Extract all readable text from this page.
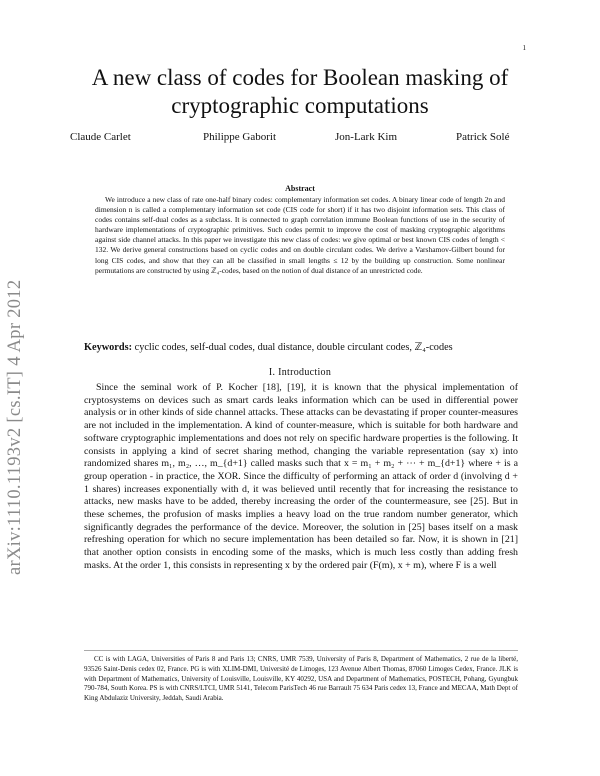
1
arXiv:1110.1193v2 [cs.IT] 4 Apr 2012
A new class of codes for Boolean masking of
cryptographic computations
Claude Carlet	Philippe Gaborit	Jon-Lark Kim	Patrick Solé
Abstract

We introduce a new class of rate one-half binary codes: complementary information set codes. A binary linear code of length 2n and dimension n is called a complementary information set code (CIS code for short) if it has two disjoint information sets. This class of codes contains self-dual codes as a subclass. It is connected to graph correlation immune Boolean functions of use in the security of hardware implementations of cryptographic primitives. Such codes permit to improve the cost of masking cryptographic algorithms against side channel attacks. In this paper we investigate this new class of codes: we give optimal or best known CIS codes of length < 132. We derive general constructions based on cyclic codes and on double circulant codes. We derive a Varshamov-Gilbert bound for long CIS codes, and show that they can all be classified in small lengths ≤ 12 by the building up construction. Some nonlinear permutations are constructed by using ℤ₄-codes, based on the notion of dual distance of an unrestricted code.

Keywords: cyclic codes, self-dual codes, dual distance, double circulant codes, ℤ₄-codes
I. Introduction

Since the seminal work of P. Kocher [18], [19], it is known that the physical implementation of cryptosystems on devices such as smart cards leaks information which can be used in differential power analysis or in other kinds of side channel attacks. These attacks can be devastating if proper counter-measures are not included in the implementation. A kind of counter-measure, which is suitable for both hardware and software cryptographic implementations and does not rely on specific hardware properties is the following. It consists in applying a kind of secret sharing method, changing the variable representation (say x) into randomized shares m₁, m₂, …, m_{d+1} called masks such that x = m₁ + m₂ + ⋯ + m_{d+1} where + is a group operation - in practice, the XOR. Since the difficulty of performing an attack of order d (involving d + 1 shares) increases exponentially with d, it was believed until recently that for increasing the resistance to attacks, new masks have to be added, thereby increasing the order of the countermeasure, see [25]. But in these schemes, the profusion of masks implies a heavy load on the true random number generator, which significantly degrades the performance of the device. Moreover, the solution in [25] bases itself on a mask refreshing operation for which no secure implementation has been detailed so far. Now, it is shown in [21] that another option consists in encoding some of the masks, which is much less costly than adding fresh masks. At the order 1, this consists in representing x by the ordered pair (F(m), x + m), where F is a well

CC is with LAGA, Universities of Paris 8 and Paris 13; CNRS, UMR 7539, University of Paris 8, Department of Mathematics, 2 rue de la liberté, 93526 Saint-Denis cedex 02, France. PG is with XLIM-DMI, Université de Limoges, 123 Avenue Albert Thomas, 87060 Limoges Cedex, France. JLK is with Department of Mathematics, University of Louisville, Louisville, KY 40292, USA and Department of Mathematics, POSTECH, Pohang, Gyungbuk 790-784, South Korea. PS is with CNRS/LTCI, UMR 5141, Telecom ParisTech 46 rue Barrault 75 634 Paris cedex 13, France and MECAA, Math Dept of King Abdulaziz University, Jeddah, Saudi Arabia.
